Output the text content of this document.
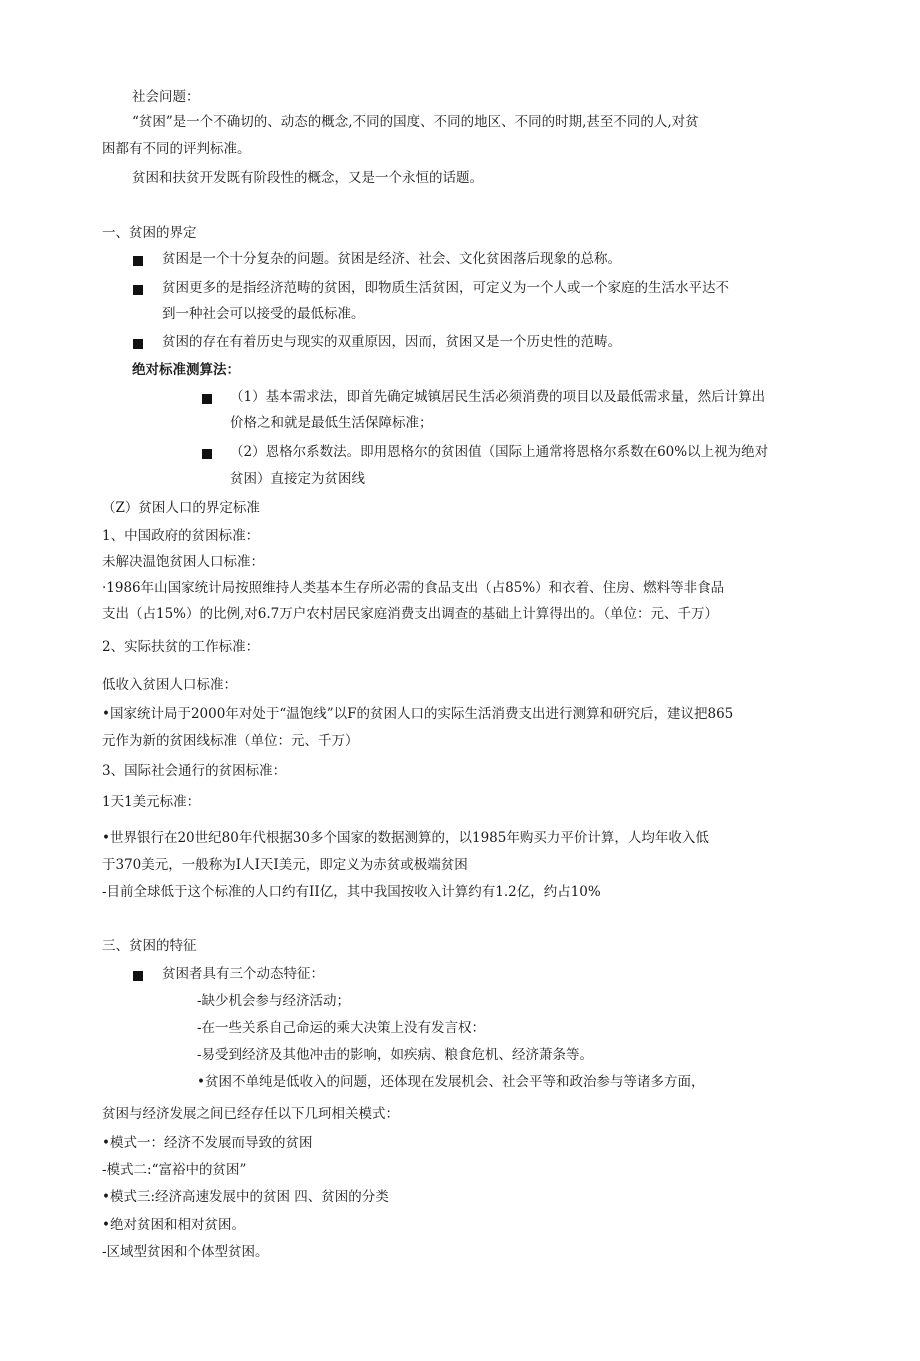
社会问题：
“贫困”是一个不确切的、动态的概念,不同的国度、不同的地区、不同的时期,甚至不同的人,对贫
困都有不同的评判标准。
贫困和扶贫开发既有阶段性的概念，又是一个永恒的话题。
一、贫困的界定
贫困是一个十分复杂的问题。贫困是经济、社会、文化贫困落后现象的总称。
贫困更多的是指经济范畴的贫困，即物质生活贫困，可定义为一个人或一个家庭的生活水平达不
到一种社会可以接受的最低标准。
贫困的存在有着历史与现实的双重原因，因而，贫困又是一个历史性的范畴。
绝对标准测算法：
（1）基本需求法，即首先确定城镇居民生活必须消费的项目以及最低需求量，然后计算出
价格之和就是最低生活保障标准；
（2）恩格尔系数法。即用恩格尔的贫困值（国际上通常将恩格尔系数在60%以上视为绝对
贫困）直接定为贫困线
（Z）贫困人口的界定标准
1、中国政府的贫困标准：
未解决温饱贫困人口标准：
·1986年山国家统计局按照维持人类基本生存所必需的食品支出（占85%）和衣着、住房、燃料等非食品
支出（占15%）的比例,对6.7万户农村居民家庭消费支出调查的基础上计算得出的。（单位：元、千万）
2、实际扶贫的工作标准：
低收入贫困人口标准：
•国家统计局于2000年对处于“温饱线”以F的贫困人口的实际生活消费支出进行测算和研究后，建议把865
元作为新的贫困线标准（单位：元、千万）
3、国际社会通行的贫困标准：
1天1美元标准：
•世界银行在20世纪80年代根据30多个国家的数据测算的，以1985年购买力平价计算，人均年收入低
于370美元，一般称为I人I天I美元，即定义为赤贫或极端贫困
-目前全球低于这个标准的人口约有II亿，其中我国按收入计算约有1.2亿，约占10%
三、贫困的特征
贫困者具有三个动态特征：
-缺少机会参与经济活动；
-在一些关系自己命运的乘大决策上没有发言权：
-易受到经济及其他冲击的影响，如疾病、粮食危机、经济萧条等。
•贫困不单纯是低收入的问题，还体现在发展机会、社会平等和政治参与等诸多方面，
贫困与经济发展之间已经存任以下几珂相关模式：
•模式一：经济不发展而导致的贫困
-模式二:“富裕中的贫困”
•模式三:经济高速发展中的贫困 四、贫困的分类
•绝对贫困和相对贫困。
-区域型贫困和个体型贫困。
